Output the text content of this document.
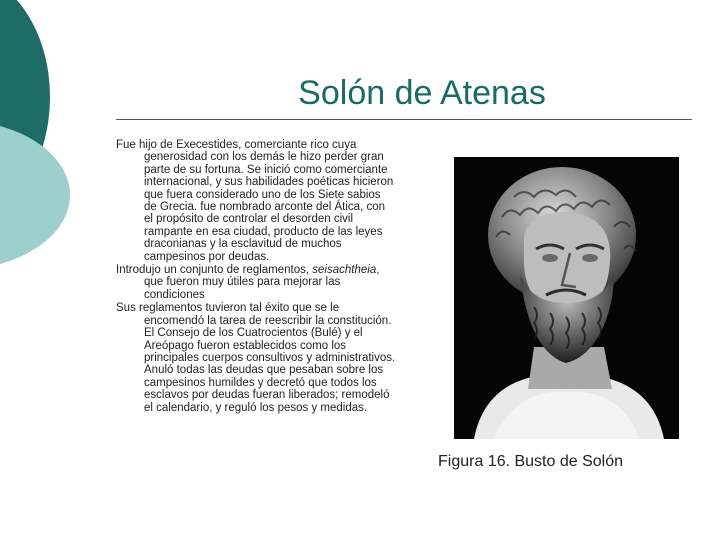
Solón de Atenas

Fue hijo de Execestides, comerciante rico cuya generosidad con los demás le hizo perder gran parte de su fortuna. Se inició como comerciante internacional, y sus habilidades poéticas hicieron que fuera considerado uno de los Siete sabios de Grecia. fue nombrado arconte del Ática, con el propósito de controlar el desorden civil rampante en esa ciudad, producto de las leyes draconianas y la esclavitud de muchos campesinos por deudas.

Introdujo un conjunto de reglamentos, seisachtheia, que fueron muy útiles para mejorar las condiciones

Sus reglamentos tuvieron tal éxito que se le encomendó la tarea de reescribir la constitución. El Consejo de los Cuatrocientos (Bulé) y el Areópago fueron establecidos como los principales cuerpos consultivos y administrativos. Anuló todas las deudas que pesaban sobre los campesinos humildes y decretó que todos los esclavos por deudas fueran liberados; remodeló el calendario, y reguló los pesos y medidas.

Figura 16. Busto de Solón
